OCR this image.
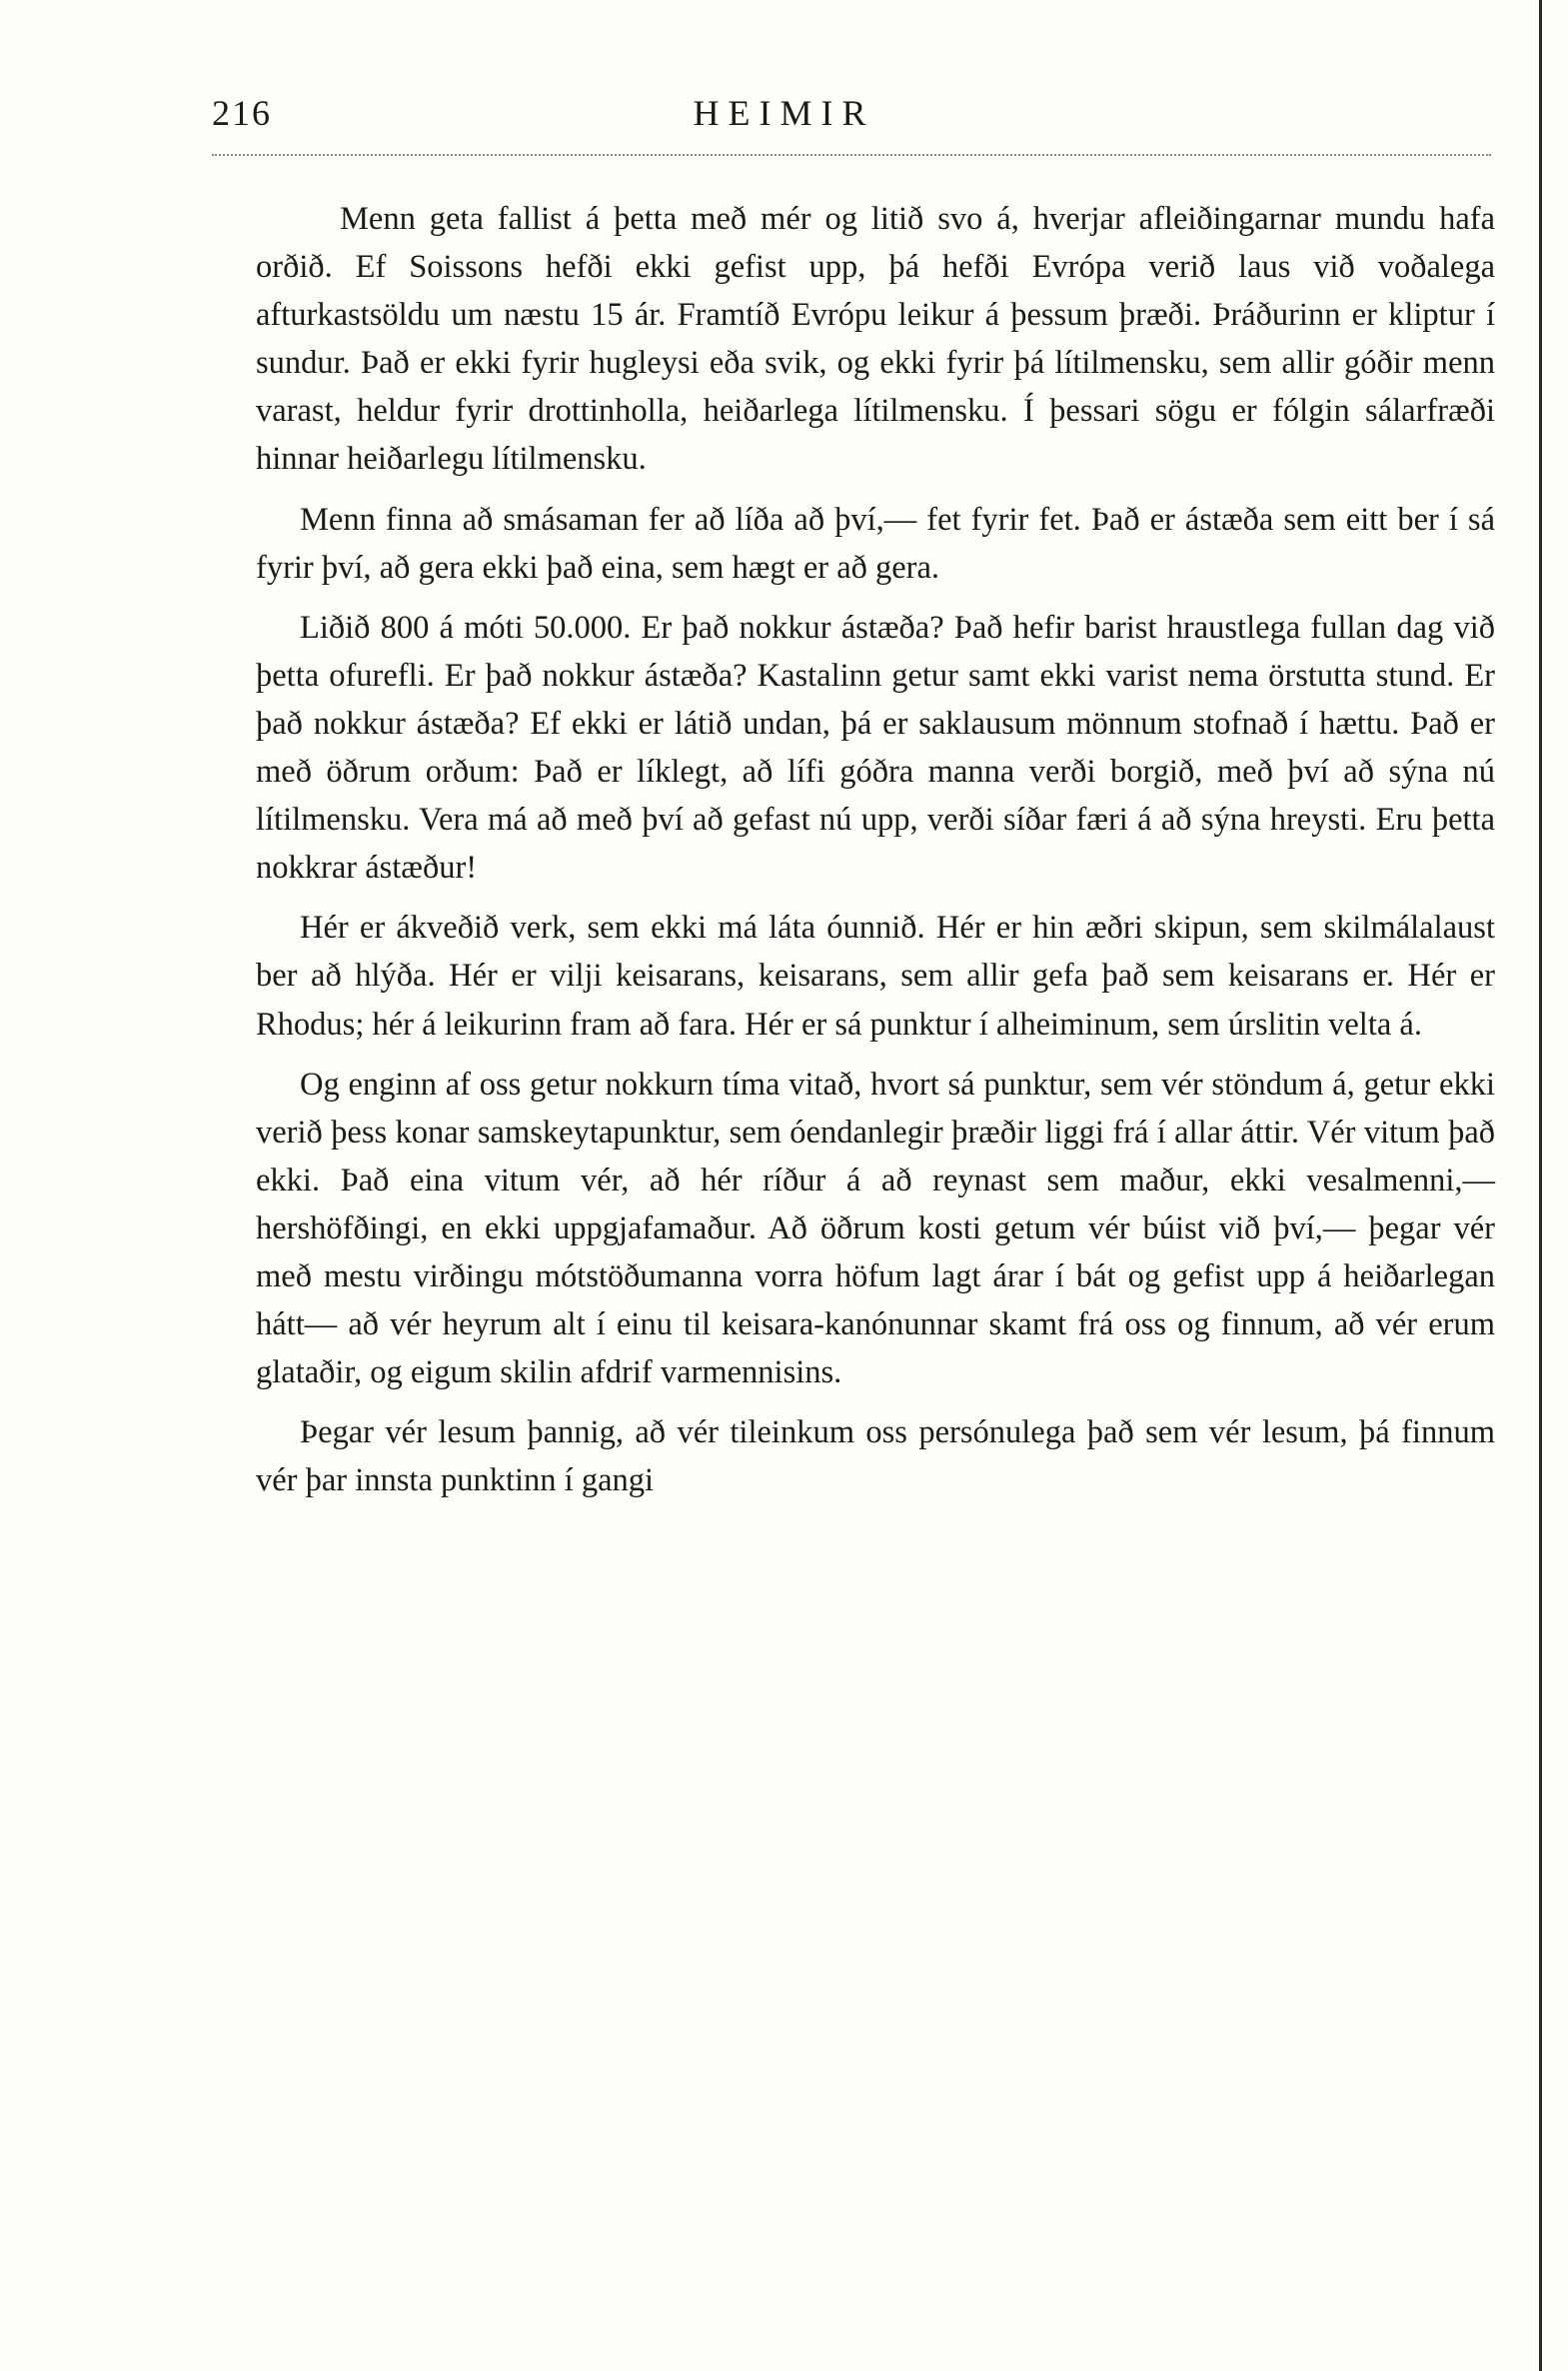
216	HEIMIR

Menn geta fallist á þetta með mér og litið svo á, hverjar afleiðingarnar mundu hafa orðið. Ef Soissons hefði ekki gefist upp, þá hefði Evrópa verið laus við voðalega afturkastsöldu um næstu 15 ár. Framtíð Evrópu leikur á þessum þræði. Þráðurinn er kliptur í sundur. Það er ekki fyrir hugleysi eða svik, og ekki fyrir þá lítilmensku, sem allir góðir menn varast, heldur fyrir drottinholla, heiðarlega lítilmensku. Í þessari sögu er fólgin sálarfræði hinnar heiðarlegu lítilmensku.

Menn finna að smásaman fer að líða að því,— fet fyrir fet. Það er ástæða sem eitt ber í sá fyrir því, að gera ekki það eina, sem hægt er að gera.

Liðið 800 á móti 50.000. Er það nokkur ástæða? Það hefir barist hraustlega fullan dag við þetta ofurefli. Er það nokkur ástæða? Kastalinn getur samt ekki varist nema örstutta stund. Er það nokkur ástæða? Ef ekki er látið undan, þá er saklausum mönnum stofnað í hættu. Það er með öðrum orðum: Það er líklegt, að lífi góðra manna verði borgið, með því að sýna nú lítilmensku. Vera má að með því að gefast nú upp, verði síðar færi á að sýna hreysti. Eru þetta nokkrar ástæður!

Hér er ákveðið verk, sem ekki má láta óunnið. Hér er hin æðri skipun, sem skilmálalaust ber að hlýða. Hér er vilji keisarans, keisarans, sem allir gefa það sem keisarans er. Hér er Rhodus; hér á leikurinn fram að fara. Hér er sá punktur í alheiminum, sem úrslitin velta á.

Og enginn af oss getur nokkurn tíma vitað, hvort sá punktur, sem vér stöndum á, getur ekki verið þess konar samskeytapunktur, sem óendanlegir þræðir liggi frá í allar áttir. Vér vitum það ekki. Það eina vitum vér, að hér ríður á að reynast sem maður, ekki vesalmenni,— hershöfðingi, en ekki uppgjafamaður. Að öðrum kosti getum vér búist við því,— þegar vér með mestu virðingu mótstöðumanna vorra höfum lagt árar í bát og gefist upp á heiðarlegan hátt— að vér heyrum alt í einu til keisara-kanónunnar skamt frá oss og finnum, að vér erum glataðir, og eigum skilin afdrif varmennisins.

Þegar vér lesum þannig, að vér tileinkum oss persónulega það sem vér lesum, þá finnum vér þar innsta punktinn í gangi
